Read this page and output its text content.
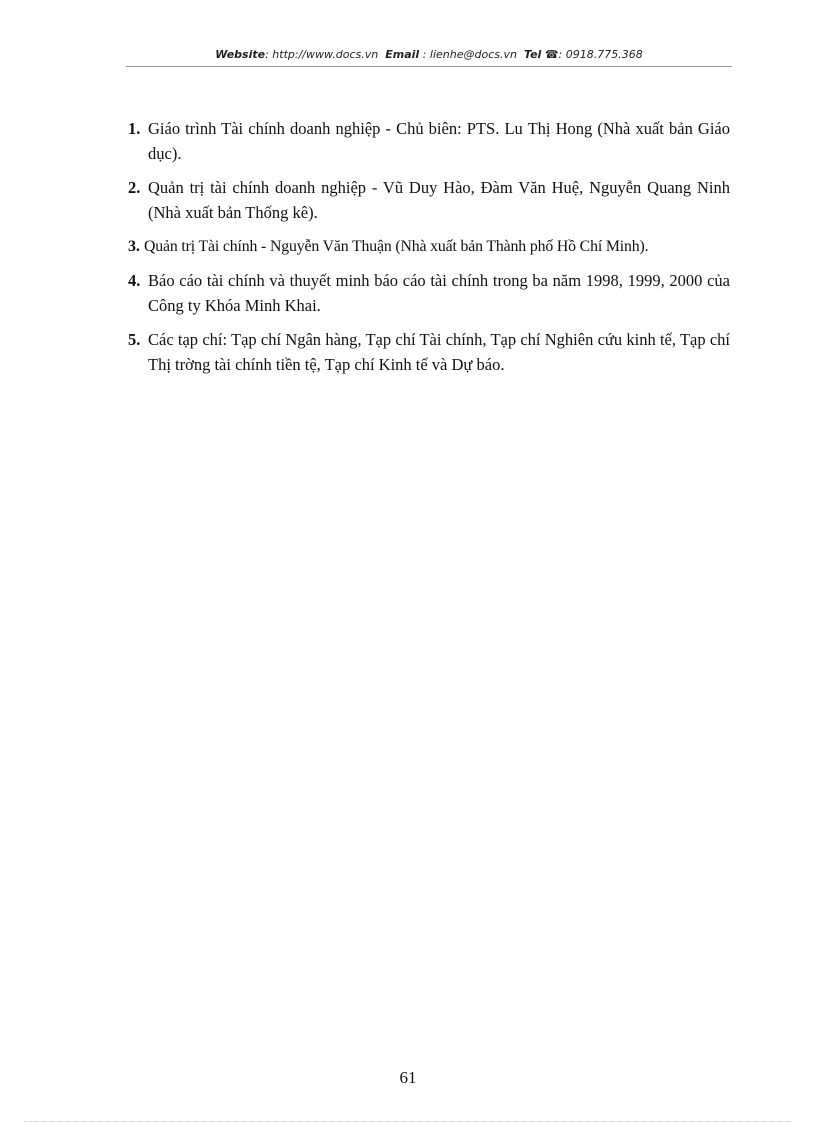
Website: http://www.docs.vn Email : lienhe@docs.vn Tel ☎: 0918.775.368
1. Giáo trình Tài chính doanh nghiệp - Chủ biên: PTS. Lu Thị Hong (Nhà xuất bản Giáo dục).
2. Quản trị tài chính doanh nghiệp - Vũ Duy Hào, Đàm Văn Huệ, Nguyễn Quang Ninh (Nhà xuất bản Thống kê).
3. Quản trị Tài chính - Nguyễn Văn Thuận (Nhà xuất bản Thành phố Hồ Chí Minh).
4. Báo cáo tài chính và thuyết minh báo cáo tài chính trong ba năm 1998, 1999, 2000 của Công ty Khóa Minh Khai.
5. Các tạp chí: Tạp chí Ngân hàng, Tạp chí Tài chính, Tạp chí Nghiên cứu kinh tế, Tạp chí Thị trờng tài chính tiền tệ, Tạp chí Kinh tế và Dự báo.
61
